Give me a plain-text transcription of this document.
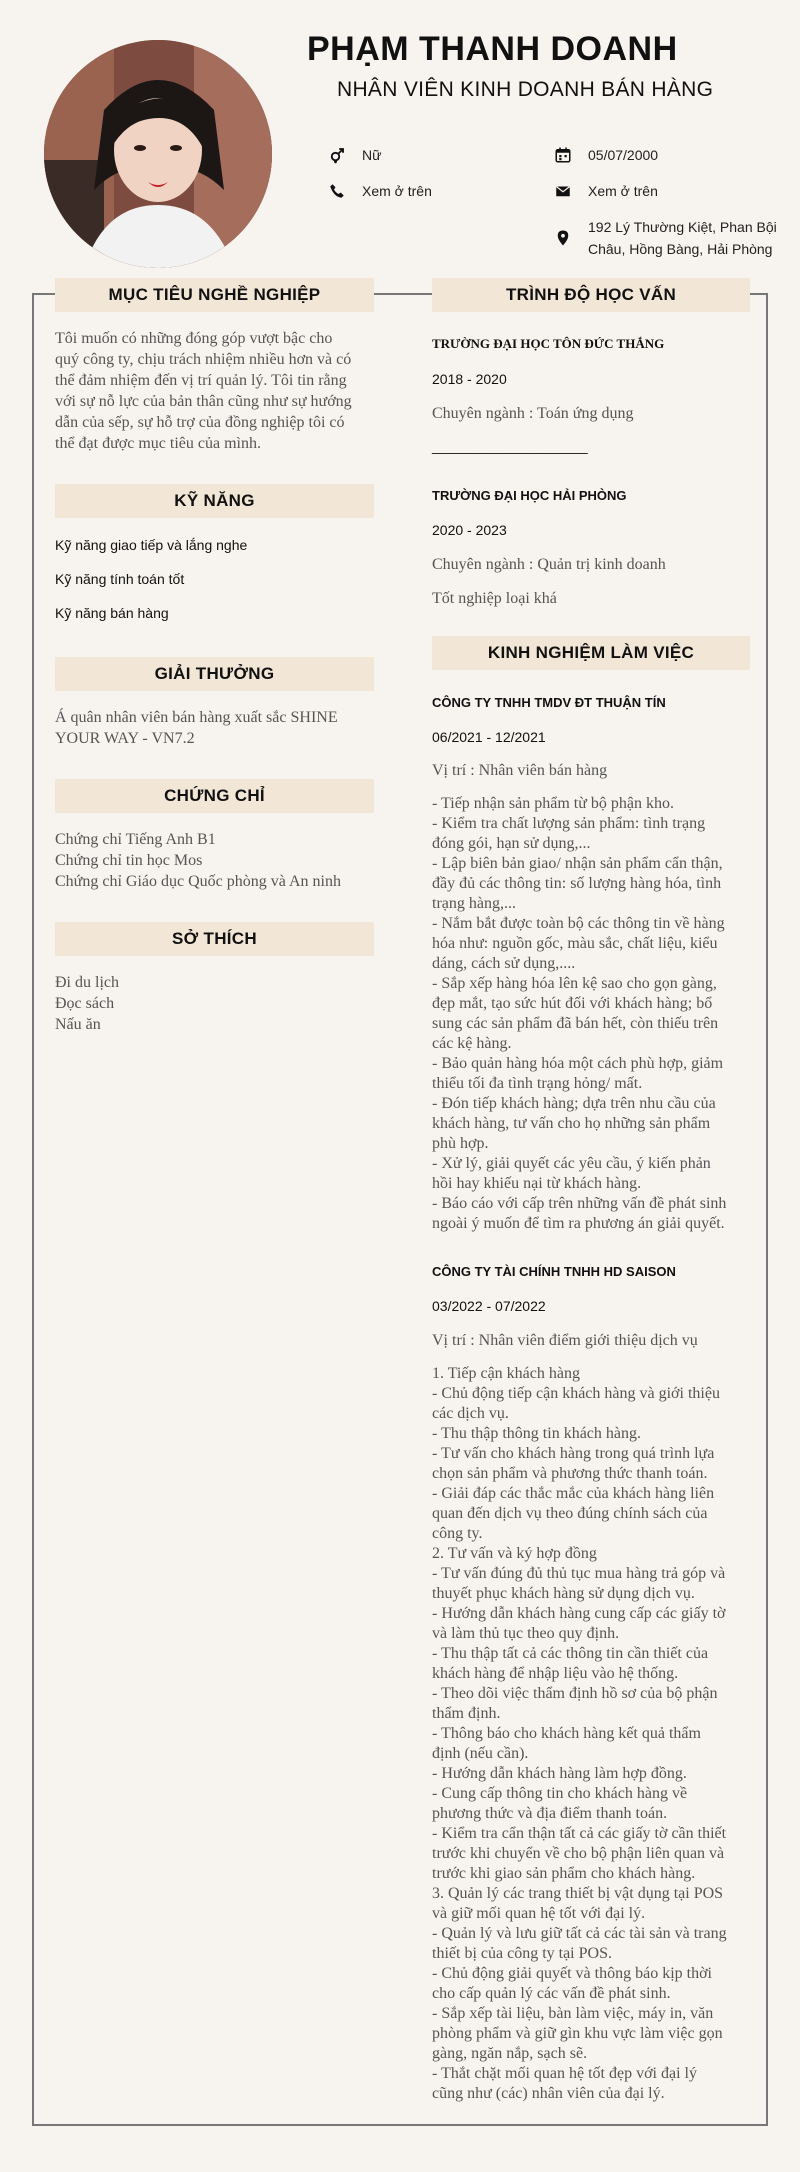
PHẠM THANH DOANH
NHÂN VIÊN KINH DOANH BÁN HÀNG
Nữ	05/07/2000
Xem ở trên	Xem ở trên
192 Lý Thường Kiệt, Phan Bội
Châu, Hồng Bàng, Hải Phòng
MỤC TIÊU NGHỀ NGHIỆP
Tôi muốn có những đóng góp vượt bậc cho
quý công ty, chịu trách nhiệm nhiều hơn và có
thể đảm nhiệm đến vị trí quản lý. Tôi tin rằng
với sự nỗ lực của bản thân cũng như sự hướng
dẫn của sếp, sự hỗ trợ của đồng nghiệp tôi có
thể đạt được mục tiêu của mình.
KỸ NĂNG
Kỹ năng giao tiếp và lắng nghe
Kỹ năng tính toán tốt
Kỹ năng bán hàng
GIẢI THƯỞNG
Á quân nhân viên bán hàng xuất sắc SHINE
YOUR WAY - VN7.2
CHỨNG CHỈ
Chứng chỉ Tiếng Anh B1
Chứng chỉ tin học Mos
Chứng chỉ Giáo dục Quốc phòng và An ninh
SỞ THÍCH
Đi du lịch
Đọc sách
Nấu ăn
TRÌNH ĐỘ HỌC VẤN
TRƯỜNG ĐẠI HỌC TÔN ĐỨC THẮNG
2018 - 2020
Chuyên ngành : Toán ứng dụng
____________________
TRƯỜNG ĐẠI HỌC HẢI PHÒNG
2020 - 2023
Chuyên ngành : Quản trị kinh doanh
Tốt nghiệp loại khá
KINH NGHIỆM LÀM VIỆC
CÔNG TY TNHH TMDV ĐT THUẬN TÍN
06/2021 - 12/2021
Vị trí : Nhân viên bán hàng
- Tiếp nhận sản phẩm từ bộ phận kho.
- Kiểm tra chất lượng sản phẩm: tình trạng
đóng gói, hạn sử dụng,...
- Lập biên bản giao/ nhận sản phẩm cẩn thận,
đầy đủ các thông tin: số lượng hàng hóa, tình
trạng hàng,...
- Nắm bắt được toàn bộ các thông tin về hàng
hóa như: nguồn gốc, màu sắc, chất liệu, kiểu
dáng, cách sử dụng,....
- Sắp xếp hàng hóa lên kệ sao cho gọn gàng,
đẹp mắt, tạo sức hút đối với khách hàng; bổ
sung các sản phẩm đã bán hết, còn thiếu trên
các kệ hàng.
- Bảo quản hàng hóa một cách phù hợp, giảm
thiểu tối đa tình trạng hỏng/ mất.
- Đón tiếp khách hàng; dựa trên nhu cầu của
khách hàng, tư vấn cho họ những sản phẩm
phù hợp.
- Xử lý, giải quyết các yêu cầu, ý kiến phản
hồi hay khiếu nại từ khách hàng.
- Báo cáo với cấp trên những vấn đề phát sinh
ngoài ý muốn để tìm ra phương án giải quyết.
CÔNG TY TÀI CHÍNH TNHH HD SAISON
03/2022 - 07/2022
Vị trí : Nhân viên điểm giới thiệu dịch vụ
1. Tiếp cận khách hàng
- Chủ động tiếp cận khách hàng và giới thiệu
các dịch vụ.
- Thu thập thông tin khách hàng.
- Tư vấn cho khách hàng trong quá trình lựa
chọn sản phẩm và phương thức thanh toán.
- Giải đáp các thắc mắc của khách hàng liên
quan đến dịch vụ theo đúng chính sách của
công ty.
2. Tư vấn và ký hợp đồng
- Tư vấn đúng đủ thủ tục mua hàng trả góp và
thuyết phục khách hàng sử dụng dịch vụ.
- Hướng dẫn khách hàng cung cấp các giấy tờ
và làm thủ tục theo quy định.
- Thu thập tất cả các thông tin cần thiết của
khách hàng để nhập liệu vào hệ thống.
- Theo dõi việc thẩm định hồ sơ của bộ phận
thẩm định.
- Thông báo cho khách hàng kết quả thẩm
định (nếu cần).
- Hướng dẫn khách hàng làm hợp đồng.
- Cung cấp thông tin cho khách hàng về
phương thức và địa điểm thanh toán.
- Kiểm tra cẩn thận tất cả các giấy tờ cần thiết
trước khi chuyển về cho bộ phận liên quan và
trước khi giao sản phẩm cho khách hàng.
3. Quản lý các trang thiết bị vật dụng tại POS
và giữ mối quan hệ tốt với đại lý.
- Quản lý và lưu giữ tất cả các tài sản và trang
thiết bị của công ty tại POS.
- Chủ động giải quyết và thông báo kịp thời
cho cấp quản lý các vấn đề phát sinh.
- Sắp xếp tài liệu, bàn làm việc, máy in, văn
phòng phẩm và giữ gìn khu vực làm việc gọn
gàng, ngăn nắp, sạch sẽ.
- Thắt chặt mối quan hệ tốt đẹp với đại lý
cũng như (các) nhân viên của đại lý.
